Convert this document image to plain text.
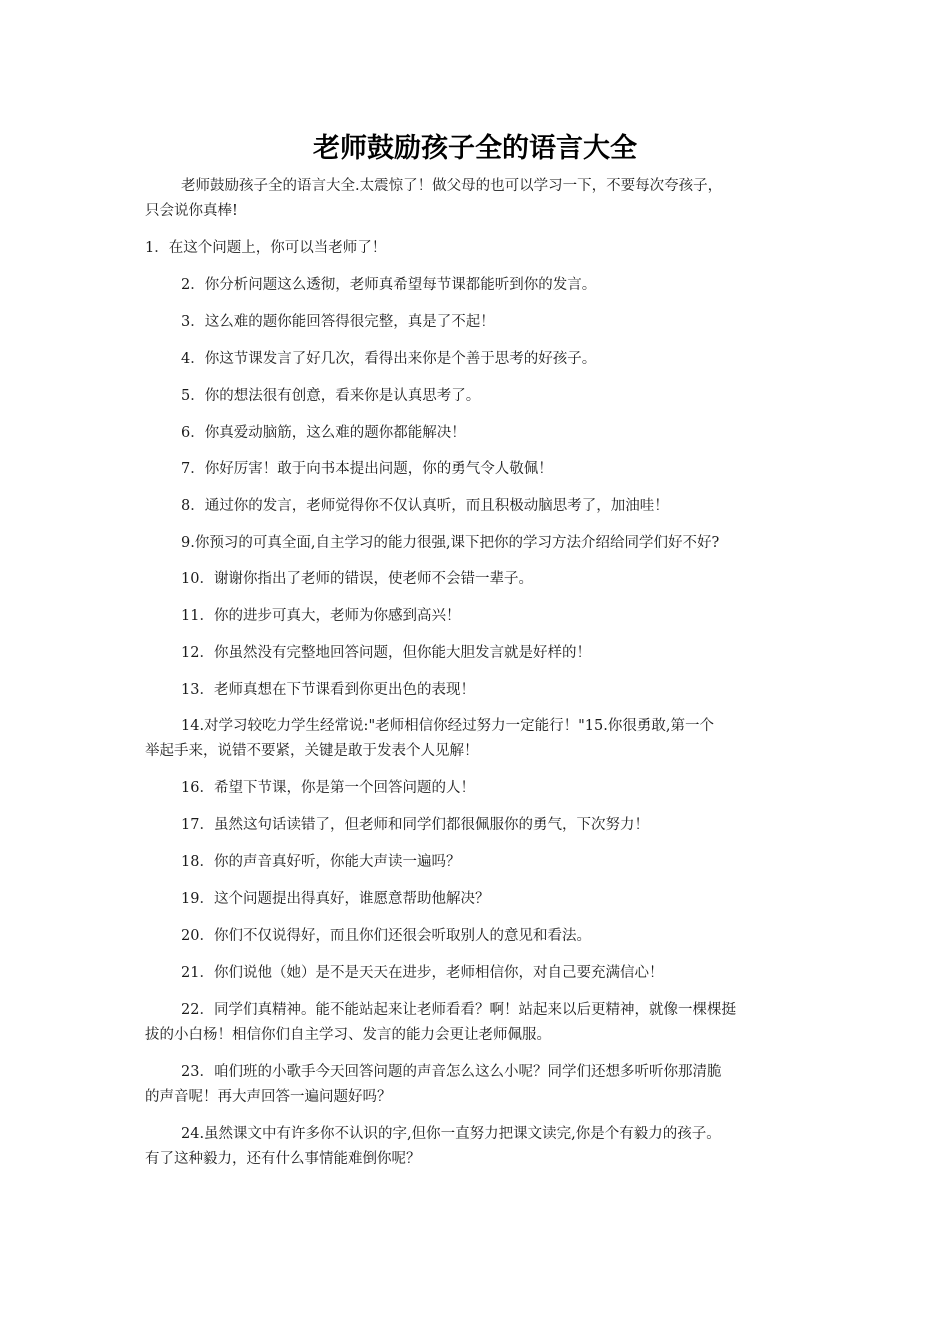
老师鼓励孩子全的语言大全

老师鼓励孩子全的语言大全.太震惊了！做父母的也可以学习一下，不要每次夸孩子，
只会说你真棒!

1．在这个问题上，你可以当老师了！

2．你分析问题这么透彻，老师真希望每节课都能听到你的发言。

3．这么难的题你能回答得很完整，真是了不起！

4．你这节课发言了好几次，看得出来你是个善于思考的好孩子。

5．你的想法很有创意，看来你是认真思考了。

6．你真爱动脑筋，这么难的题你都能解决！

7．你好厉害！敢于向书本提出问题，你的勇气令人敬佩！

8．通过你的发言，老师觉得你不仅认真听，而且积极动脑思考了，加油哇！

9.你预习的可真全面,自主学习的能力很强,课下把你的学习方法介绍给同学们好不好?

10．谢谢你指出了老师的错误，使老师不会错一辈子。

11．你的进步可真大，老师为你感到高兴！

12．你虽然没有完整地回答问题，但你能大胆发言就是好样的！

13．老师真想在下节课看到你更出色的表现！

14.对学习较吃力学生经常说:"老师相信你经过努力一定能行！"15.你很勇敢,第一个
举起手来，说错不要紧，关键是敢于发表个人见解！

16．希望下节课，你是第一个回答问题的人！

17．虽然这句话读错了，但老师和同学们都很佩服你的勇气，下次努力！

18．你的声音真好听，你能大声读一遍吗？

19．这个问题提出得真好，谁愿意帮助他解决？

20．你们不仅说得好，而且你们还很会听取别人的意见和看法。

21．你们说他（她）是不是天天在进步，老师相信你，对自己要充满信心！

22．同学们真精神。能不能站起来让老师看看？啊！站起来以后更精神，就像一棵棵挺
拔的小白杨！相信你们自主学习、发言的能力会更让老师佩服。

23．咱们班的小歌手今天回答问题的声音怎么这么小呢？同学们还想多听听你那清脆
的声音呢！再大声回答一遍问题好吗？

24.虽然课文中有许多你不认识的字,但你一直努力把课文读完,你是个有毅力的孩子。
有了这种毅力，还有什么事情能难倒你呢？
